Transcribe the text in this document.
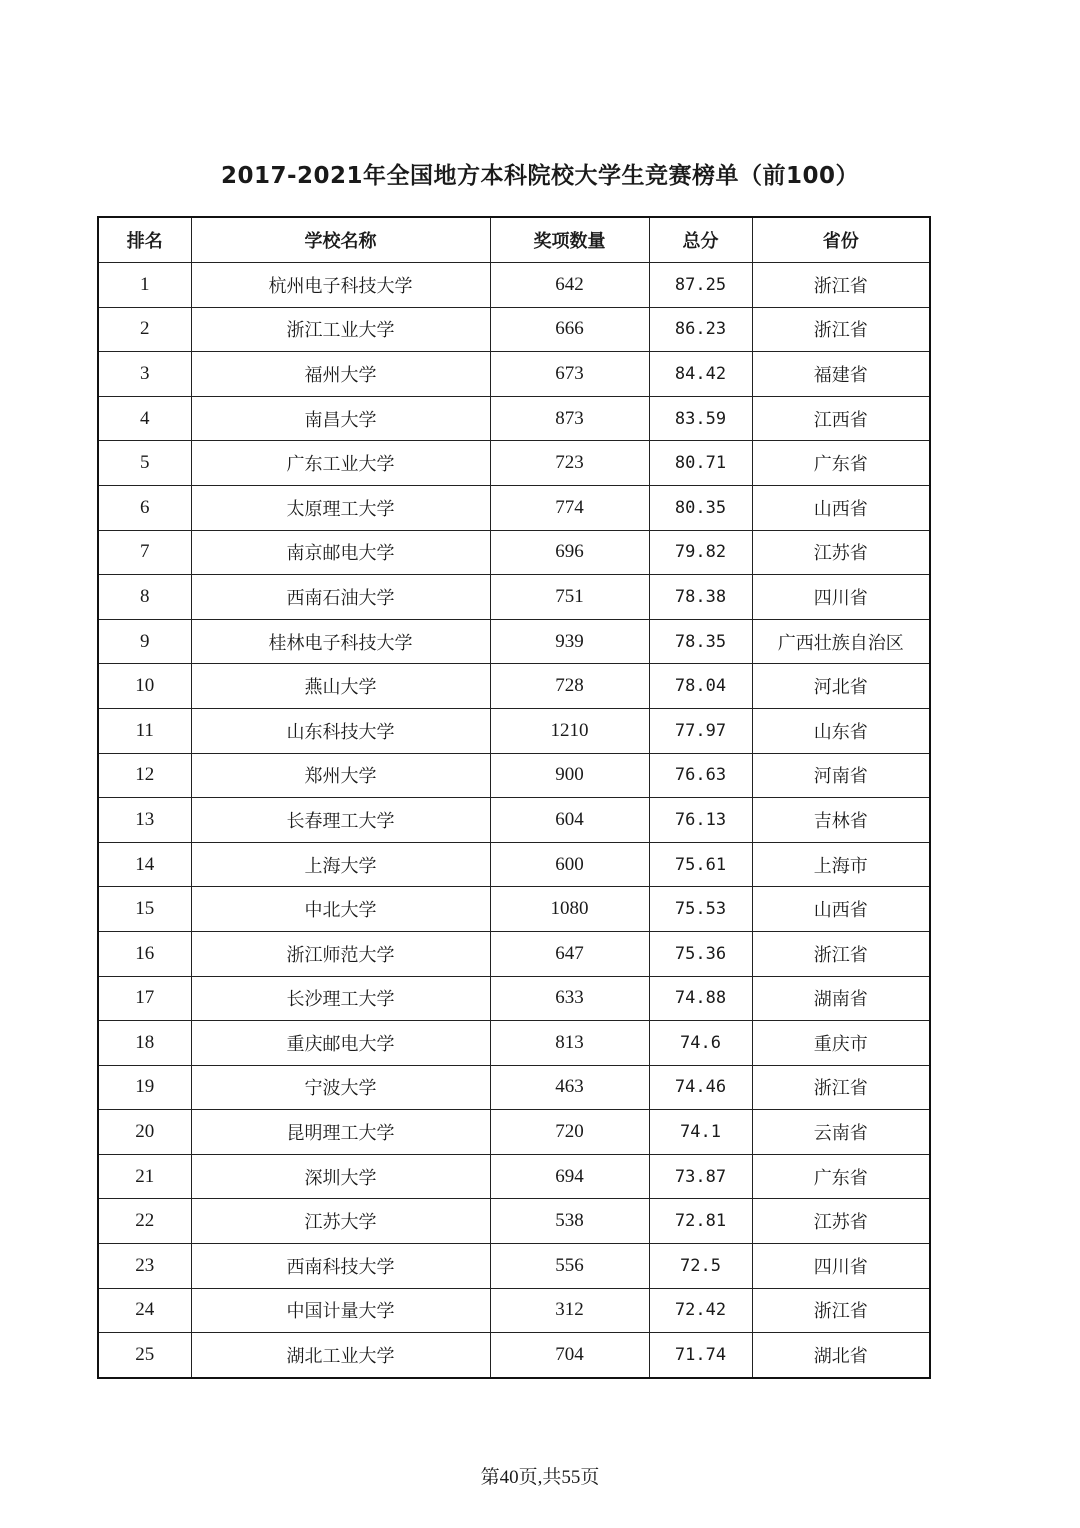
2017-2021年全国地方本科院校大学生竞赛榜单（前100）
排名	学校名称	奖项数量	总分	省份
1	杭州电子科技大学	642	87.25	浙江省
2	浙江工业大学	666	86.23	浙江省
3	福州大学	673	84.42	福建省
4	南昌大学	873	83.59	江西省
5	广东工业大学	723	80.71	广东省
6	太原理工大学	774	80.35	山西省
7	南京邮电大学	696	79.82	江苏省
8	西南石油大学	751	78.38	四川省
9	桂林电子科技大学	939	78.35	广西壮族自治区
10	燕山大学	728	78.04	河北省
11	山东科技大学	1210	77.97	山东省
12	郑州大学	900	76.63	河南省
13	长春理工大学	604	76.13	吉林省
14	上海大学	600	75.61	上海市
15	中北大学	1080	75.53	山西省
16	浙江师范大学	647	75.36	浙江省
17	长沙理工大学	633	74.88	湖南省
18	重庆邮电大学	813	74.6	重庆市
19	宁波大学	463	74.46	浙江省
20	昆明理工大学	720	74.1	云南省
21	深圳大学	694	73.87	广东省
22	江苏大学	538	72.81	江苏省
23	西南科技大学	556	72.5	四川省
24	中国计量大学	312	72.42	浙江省
25	湖北工业大学	704	71.74	湖北省
第40页,共55页
